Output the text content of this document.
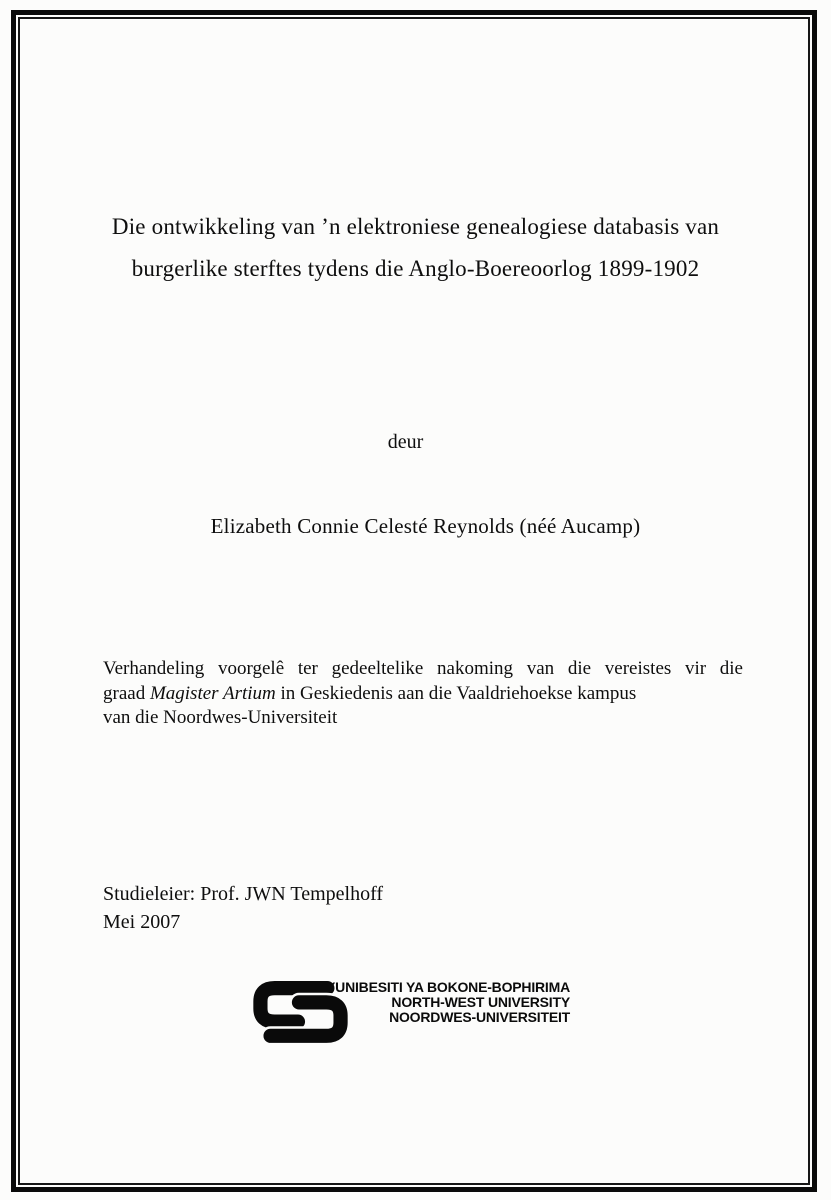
Die ontwikkeling van ’n elektroniese genealogiese databasis van
burgerlike sterftes tydens die Anglo-Boereoorlog 1899-1902

deur

Elizabeth Connie Celesté Reynolds (néé Aucamp)

Verhandeling voorgelê ter gedeeltelike nakoming van die vereistes vir die

graad Magister Artium in Geskiedenis aan die Vaaldriehoekse kampus

van die Noordwes-Universiteit

Studieleier: Prof. JWN Tempelhoff

Mei 2007

YUNIBESITI YA BOKONE-BOPHIRIMA
NORTH-WEST UNIVERSITY
NOORDWES-UNIVERSITEIT
